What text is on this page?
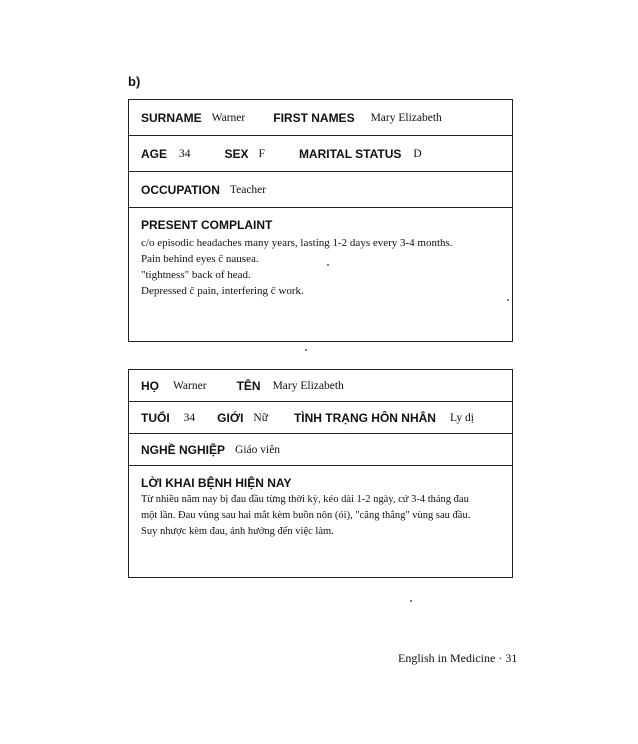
b)
SURNAME Warner FIRST NAMES Mary Elizabeth
AGE 34	SEX F	MARITAL STATUS D
OCCUPATION Teacher
PRESENT COMPLAINT

c/o episodic headaches many years, lasting 1-2 days every 3-4 months.

Pain behind eyes c̄ nausea.

"tightness" back of head.

Depressed c̄ pain, interfering c̄ work.

HỌ Warner	TÊN Mary Elizabeth
TUỔI 34 GIỚI Nữ TÌNH TRẠNG HÔN NHÂN Ly dị
NGHỀ NGHIỆP Giáo viên
LỜI KHAI BỆNH HIỆN NAY

Từ nhiều năm nay bị đau đầu từng thời kỳ, kéo dài 1-2 ngày, cứ 3-4 tháng đau

một lần. Đau vùng sau hai mắt kèm buồn nôn (ói), "căng thẳng" vùng sau đầu.

Suy nhược kèm đau, ảnh hưởng đến việc làm.

English in Medicine · 31
